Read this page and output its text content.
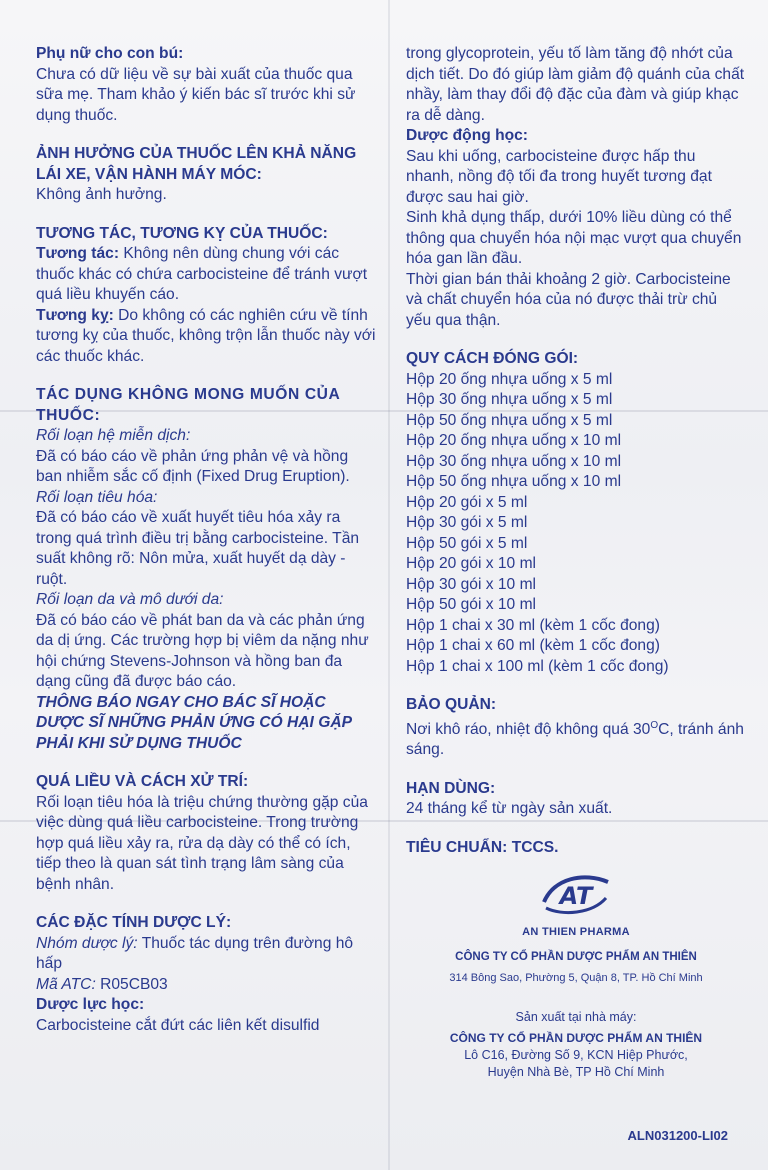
Phụ nữ cho con bú:

Chưa có dữ liệu về sự bài xuất của thuốc qua sữa mẹ. Tham khảo ý kiến bác sĩ trước khi sử dụng thuốc.

ẢNH HƯỞNG CỦA THUỐC LÊN KHẢ NĂNG LÁI XE, VẬN HÀNH MÁY MÓC:

Không ảnh hưởng.

TƯƠNG TÁC, TƯƠNG KỴ CỦA THUỐC:

Tương tác: Không nên dùng chung với các thuốc khác có chứa carbocisteine để tránh vượt quá liều khuyến cáo.

Tương kỵ: Do không có các nghiên cứu về tính tương kỵ của thuốc, không trộn lẫn thuốc này với các thuốc khác.

TÁC DỤNG KHÔNG MONG MUỐN CỦA THUỐC:

Rối loạn hệ miễn dịch:

Đã có báo cáo về phản ứng phản vệ và hồng ban nhiễm sắc cố định (Fixed Drug Eruption).

Rối loạn tiêu hóa:

Đã có báo cáo về xuất huyết tiêu hóa xảy ra trong quá trình điều trị bằng carbocisteine. Tần suất không rõ: Nôn mửa, xuất huyết dạ dày - ruột.

Rối loạn da và mô dưới da:

Đã có báo cáo về phát ban da và các phản ứng da dị ứng. Các trường hợp bị viêm da nặng như hội chứng Stevens-Johnson và hồng ban đa dạng cũng đã được báo cáo.

THÔNG BÁO NGAY CHO BÁC SĨ HOẶC DƯỢC SĨ NHỮNG PHẢN ỨNG CÓ HẠI GẶP PHẢI KHI SỬ DỤNG THUỐC

QUÁ LIỀU VÀ CÁCH XỬ TRÍ:

Rối loạn tiêu hóa là triệu chứng thường gặp của việc dùng quá liều carbocisteine. Trong trường hợp quá liều xảy ra, rửa dạ dày có thể có ích, tiếp theo là quan sát tình trạng lâm sàng của bệnh nhân.

CÁC ĐẶC TÍNH DƯỢC LÝ:

Nhóm dược lý: Thuốc tác dụng trên đường hô hấp

Mã ATC: R05CB03

Dược lực học:

Carbocisteine cắt đứt các liên kết disulfid

trong glycoprotein, yếu tố làm tăng độ nhớt của dịch tiết. Do đó giúp làm giảm độ quánh của chất nhầy, làm thay đổi độ đặc của đàm và giúp khạc ra dễ dàng.

Dược động học:

Sau khi uống, carbocisteine được hấp thu nhanh, nồng độ tối đa trong huyết tương đạt được sau hai giờ.

Sinh khả dụng thấp, dưới 10% liều dùng có thể thông qua chuyển hóa nội mạc vượt qua chuyển hóa gan lần đầu.

Thời gian bán thải khoảng 2 giờ. Carbocisteine và chất chuyển hóa của nó được thải trừ chủ yếu qua thận.

QUY CÁCH ĐÓNG GÓI:

Hộp 20 ống nhựa uống x 5 ml

Hộp 30 ống nhựa uống x 5 ml

Hộp 50 ống nhựa uống x 5 ml

Hộp 20 ống nhựa uống x 10 ml

Hộp 30 ống nhựa uống x 10 ml

Hộp 50 ống nhựa uống x 10 ml

Hộp 20 gói x 5 ml

Hộp 30 gói x 5 ml

Hộp 50 gói x 5 ml

Hộp 20 gói x 10 ml

Hộp 30 gói x 10 ml

Hộp 50 gói x 10 ml

Hộp 1 chai x 30 ml (kèm 1 cốc đong)

Hộp 1 chai x 60 ml (kèm 1 cốc đong)

Hộp 1 chai x 100 ml (kèm 1 cốc đong)

BẢO QUẢN:

Nơi khô ráo, nhiệt độ không quá $30^OC$, tránh ánh sáng.

HẠN DÙNG:

24 tháng kể từ ngày sản xuất.

TIÊU CHUẨN: TCCS.

AT
AN THIEN PHARMA
CÔNG TY CỔ PHẦN DƯỢC PHẨM AN THIÊN
314 Bông Sao, Phường 5, Quận 8, TP. Hồ Chí Minh
Sản xuất tại nhà máy:
CÔNG TY CỔ PHẦN DƯỢC PHẨM AN THIÊN
Lô C16, Đường Số 9, KCN Hiệp Phước,
Huyện Nhà Bè, TP Hồ Chí Minh
ALN031200-LI02
